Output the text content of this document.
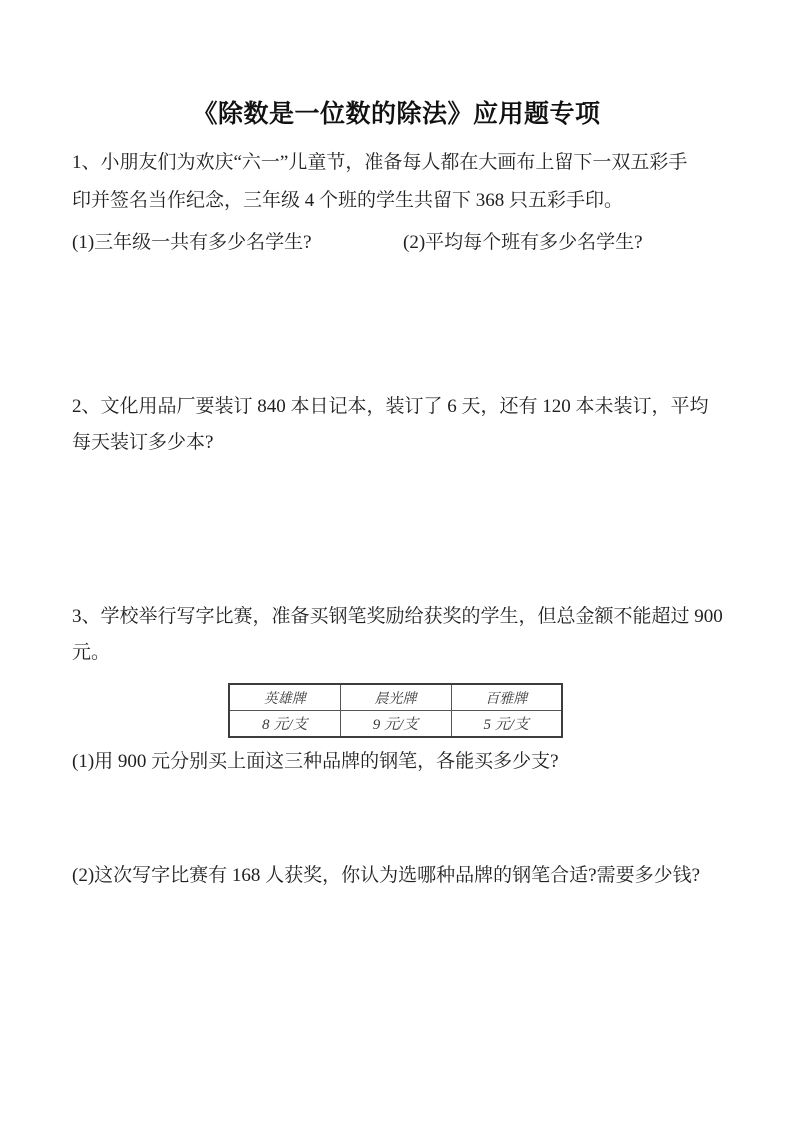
《除数是一位数的除法》应用题专项

1、小朋友们为欢庆“六一”儿童节，准备每人都在大画布上留下一双五彩手

印并签名当作纪念，三年级 4 个班的学生共留下 368 只五彩手印。

(1)三年级一共有多少名学生?	(2)平均每个班有多少名学生?

2、文化用品厂要装订 840 本日记本，装订了 6 天，还有 120 本未装订，平均

每天装订多少本?

3、学校举行写字比赛，准备买钢笔奖励给获奖的学生，但总金额不能超过 900

元。

英雄牌	晨光牌	百雅牌
8 元/支	9 元/支	5 元/支

(1)用 900 元分别买上面这三种品牌的钢笔，各能买多少支?

(2)这次写字比赛有 168 人获奖，你认为选哪种品牌的钢笔合适?需要多少钱?
